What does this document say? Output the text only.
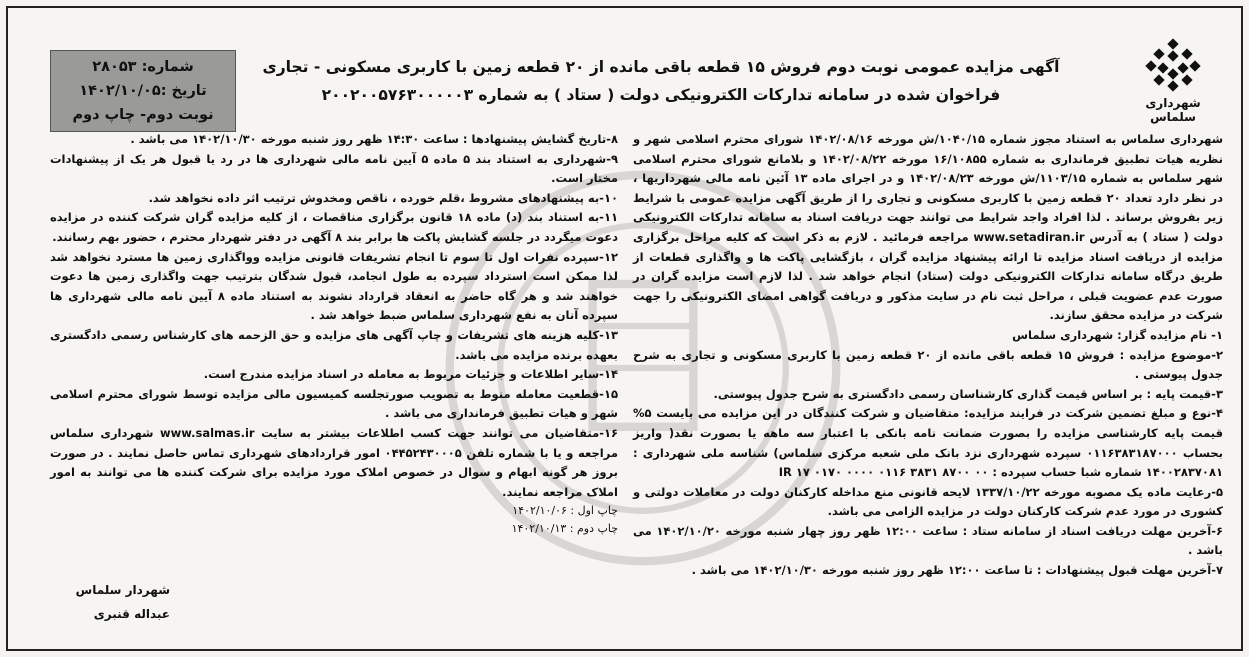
شهرداری سلماس
آگهی مزایده عمومی نوبت دوم فروش ۱۵ قطعه باقی مانده از ۲۰ قطعه زمین با کاربری مسکونی - تجاری
فراخوان شده در سامانه تدارکات الکترونیکی دولت ( ستاد ) به شماره ۲۰۰۲۰۰۵۷۶۳۰۰۰۰۰۳
شماره: ۲۸۰۵۳
تاریخ :۱۴۰۲/۱۰/۰۵
نوبت دوم- چاپ دوم

شهرداری سلماس به استناد مجوز شماره ۱۰۴۰/۱۵/ش مورخه ۱۴۰۲/۰۸/۱۶ شورای محترم اسلامی شهر و نظریه هیات تطبیق فرمانداری به شماره ۱۶/۱۰۸۵۵ مورخه ۱۴۰۲/۰۸/۲۲ و بلامانع شورای محترم اسلامی شهر سلماس به شماره ۱۱۰۳/۱۵/ش مورخه ۱۴۰۲/۰۸/۲۳ و در اجرای ماده ۱۳ آئین نامه مالی شهرداریها ، در نظر دارد تعداد ۲۰ قطعه زمین با کاربری مسکونی و تجاری را از طریق آگهی مزایده عمومی با شرایط زیر بفروش برساند . لذا افراد واجد شرایط می توانند جهت دریافت اسناد به سامانه تدارکات الکترونیکی دولت ( ستاد ) به آدرس www.setadiran.ir مراجعه فرمائید . لازم به ذکر است که کلیه مراحل برگزاری مزایده از دریافت اسناد مزایده تا ارائه پیشنهاد مزایده گران ، بازگشایی پاکت ها و واگذاری قطعات از طریق درگاه سامانه تدارکات الکترونیکی دولت (ستاد) انجام خواهد شد . لذا لازم است مزایده گران در صورت عدم عضویت قبلی ، مراحل ثبت نام در سایت مذکور و دریافت گواهی امضای الکترونیکی را جهت شرکت در مزایده محقق سازند.

۱- نام مزایده گزار: شهرداری سلماس

۲-موضوع مزایده : فروش ۱۵ قطعه باقی مانده از ۲۰ قطعه زمین با کاربری مسکونی و تجاری به شرح جدول پیوستی .

۳-قیمت پایه : بر اساس قیمت گذاری کارشناسان رسمی دادگستری به شرح جدول پیوستی.

۴-نوع و مبلغ تضمین شرکت در فرایند مزایده: متقاضیان و شرکت کنندگان در این مزایده می بایست ۵% قیمت پایه کارشناسی مزایده را بصورت ضمانت نامه بانکی با اعتبار سه ماهه یا بصورت نقد( واریز بحساب ۰۱۱۶۳۸۳۱۸۷۰۰۰ سپرده شهرداری نزد بانک ملی شعبه مرکزی سلماس) شناسه ملی شهرداری : ۱۴۰۰۲۸۳۷۰۸۱ شماره شبا حساب سپرده : IR ۱۷ ۰۱۷۰ ۰۰۰۰ ۰۱۱۶ ۳۸۳۱ ۸۷۰۰ ۰۰

۵-رعایت ماده یک مصوبه مورخه ۱۳۳۷/۱۰/۲۲ لایحه قانونی منع مداخله کارکنان دولت در معاملات دولتی و کشوری در مورد عدم شرکت کارکنان دولت در مزایده الزامی می باشد.

۶-آخرین مهلت دریافت اسناد از سامانه ستاد : ساعت ۱۲:۰۰ ظهر روز چهار شنبه مورخه ۱۴۰۲/۱۰/۲۰ می باشد .

۷-آخرین مهلت قبول پیشنهادات : تا ساعت ۱۲:۰۰ ظهر روز شنبه مورخه ۱۴۰۲/۱۰/۳۰ می باشد .

۸-تاریخ گشایش پیشنهادها : ساعت ۱۴:۳۰ ظهر روز شنبه مورخه ۱۴۰۲/۱۰/۳۰ می باشد .

۹-شهرداری به استناد بند ۵ ماده ۵ آیین نامه مالی شهرداری ها در رد یا قبول هر یک از پیشنهادات مختار است.

۱۰-به پیشنهادهای مشروط ،قلم خورده ، ناقص ومخدوش ترتیب اثر داده نخواهد شد.

۱۱-به استناد بند (د) ماده ۱۸ قانون برگزاری مناقصات ، از کلیه مزایده گران شرکت کننده در مزایده دعوت میگردد در جلسه گشایش پاکت ها برابر بند ۸ آگهی در دفتر شهردار محترم ، حضور بهم رسانند.

۱۲-سپرده نفرات اول تا سوم تا انجام تشریفات قانونی مزایده وواگذاری زمین ها مسترد نخواهد شد لذا ممکن است استرداد سپرده به طول انجامد، قبول شدگان بترتیب جهت واگذاری زمین ها دعوت خواهند شد و هر گاه حاضر به انعقاد قرارداد نشوند به استناد ماده ۸ آیین نامه مالی شهرداری ها سپرده آنان به نفع شهرداری سلماس ضبط خواهد شد .

۱۳-کلیه هزینه های تشریفات و چاپ آگهی های مزایده و حق الزحمه های کارشناس رسمی دادگستری بعهده برنده مزایده می باشد.

۱۴-سایر اطلاعات و جزئیات مربوط به معامله در اسناد مزایده مندرج است.

۱۵-قطعیت معامله منوط به تصویب صورتجلسه کمیسیون مالی مزایده توسط شورای محترم اسلامی شهر و هیات تطبیق فرمانداری می باشد .

۱۶-متقاضیان می توانند جهت کسب اطلاعات بیشتر به سایت www.salmas.ir شهرداری سلماس مراجعه و یا با شماره تلفن ۰۴۴۵۲۴۳۰۰۰۵ امور قراردادهای شهرداری تماس حاصل نمایند . در صورت بروز هر گونه ابهام و سوال در خصوص املاک مورد مزایده برای شرکت کننده ها می توانند به امور املاک مراجعه نمایند.

چاپ اول : ۱۴۰۲/۱۰/۰۶
چاپ دوم : ۱۴۰۲/۱۰/۱۳
شهردار سلماس
عبداله قنبری
